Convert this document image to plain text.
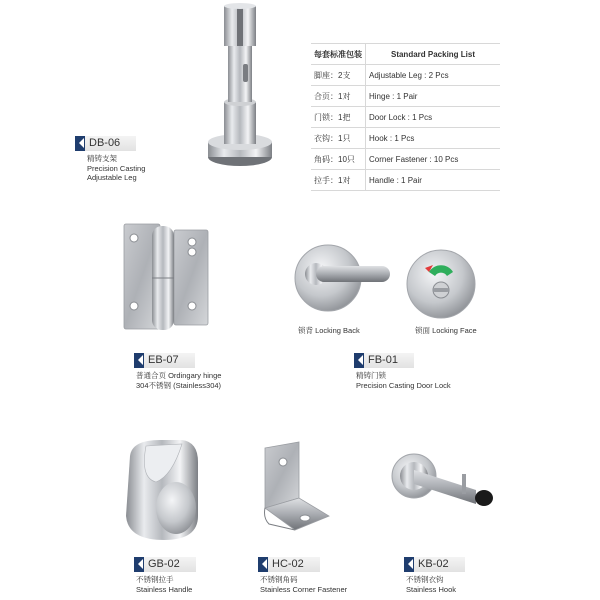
每套标准包装	Standard Packing List
脚座：2支	Adjustable Leg : 2 Pcs
合页：1对	Hinge : 1 Pair
门锁：1把	Door Lock : 1 Pcs
衣钩：1只	Hook : 1 Pcs
角码：10只	Corner Fastener : 10 Pcs
拉手：1对	Handle : 1 Pair
DB-06
精铸支架
Precision Casting
Adjustable Leg
EB-07
普通合页 Ordingary hinge
304不锈钢 (Stainless304)
锁背 Locking Back	锁面 Locking Face
FB-01
精铸门锁
Precision Casting Door Lock
GB-02
不锈钢拉手
Stainless Handle
HC-02
不锈钢角码
Stainless Corner Fastener
KB-02
不锈钢衣钩
Stainless Hook
